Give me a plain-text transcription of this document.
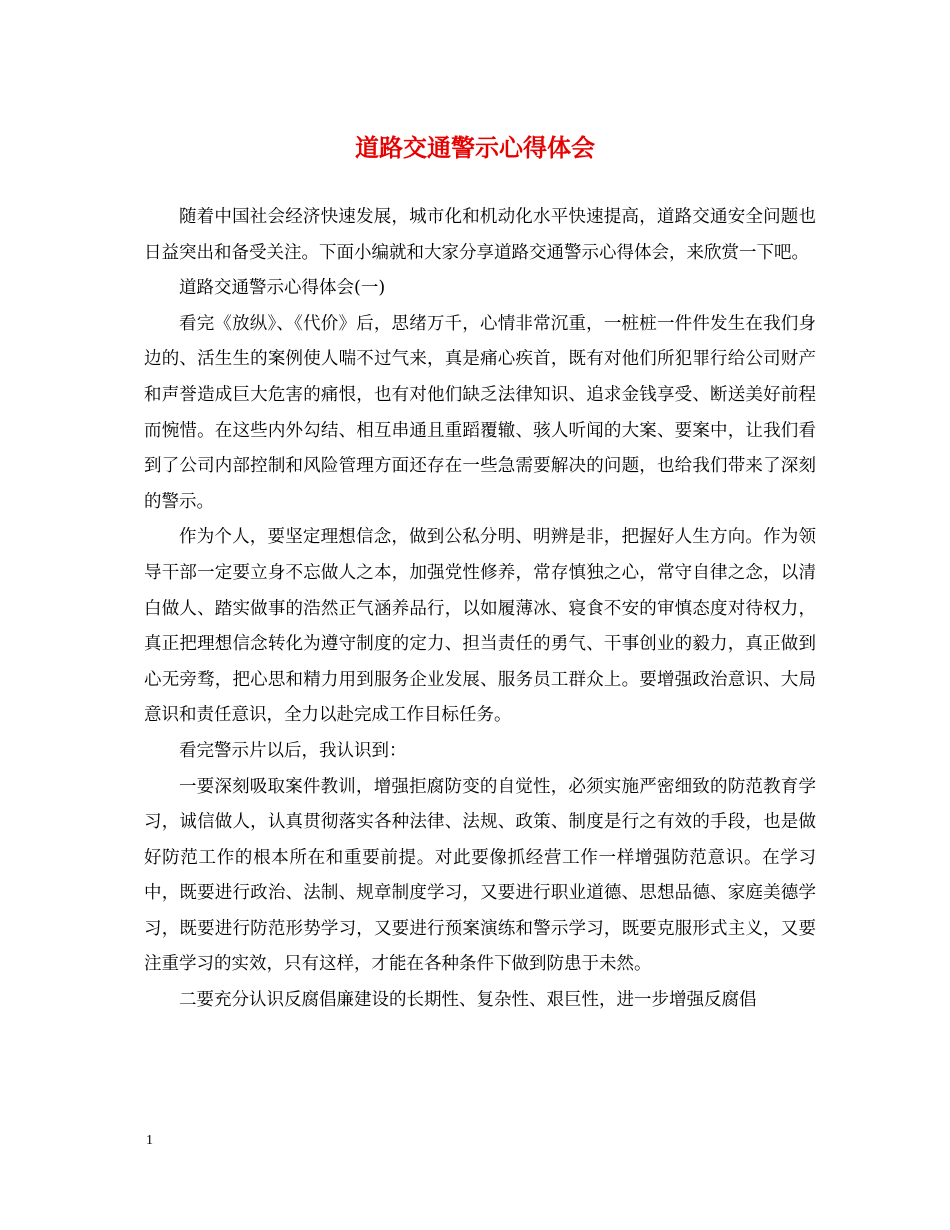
道路交通警示心得体会

随着中国社会经济快速发展，城市化和机动化水平快速提高，道路交通安全问题也日益突出和备受关注。下面小编就和大家分享道路交通警示心得体会，来欣赏一下吧。

道路交通警示心得体会(一)

看完《放纵》、《代价》后，思绪万千，心情非常沉重，一桩桩一件件发生在我们身边的、活生生的案例使人喘不过气来，真是痛心疾首，既有对他们所犯罪行给公司财产和声誉造成巨大危害的痛恨，也有对他们缺乏法律知识、追求金钱享受、断送美好前程而惋惜。在这些内外勾结、相互串通且重蹈覆辙、骇人听闻的大案、要案中，让我们看到了公司内部控制和风险管理方面还存在一些急需要解决的问题，也给我们带来了深刻的警示。

作为个人，要坚定理想信念，做到公私分明、明辨是非，把握好人生方向。作为领导干部一定要立身不忘做人之本，加强党性修养，常存慎独之心，常守自律之念，以清白做人、踏实做事的浩然正气涵养品行，以如履薄冰、寝食不安的审慎态度对待权力，真正把理想信念转化为遵守制度的定力、担当责任的勇气、干事创业的毅力，真正做到心无旁骛，把心思和精力用到服务企业发展、服务员工群众上。要增强政治意识、大局意识和责任意识，全力以赴完成工作目标任务。

看完警示片以后，我认识到：

一要深刻吸取案件教训，增强拒腐防变的自觉性，必须实施严密细致的防范教育学习，诚信做人，认真贯彻落实各种法律、法规、政策、制度是行之有效的手段，也是做好防范工作的根本所在和重要前提。对此要像抓经营工作一样增强防范意识。在学习中，既要进行政治、法制、规章制度学习，又要进行职业道德、思想品德、家庭美德学习，既要进行防范形势学习，又要进行预案演练和警示学习，既要克服形式主义，又要注重学习的实效，只有这样，才能在各种条件下做到防患于未然。

二要充分认识反腐倡廉建设的长期性、复杂性、艰巨性，进一步增强反腐倡

1
